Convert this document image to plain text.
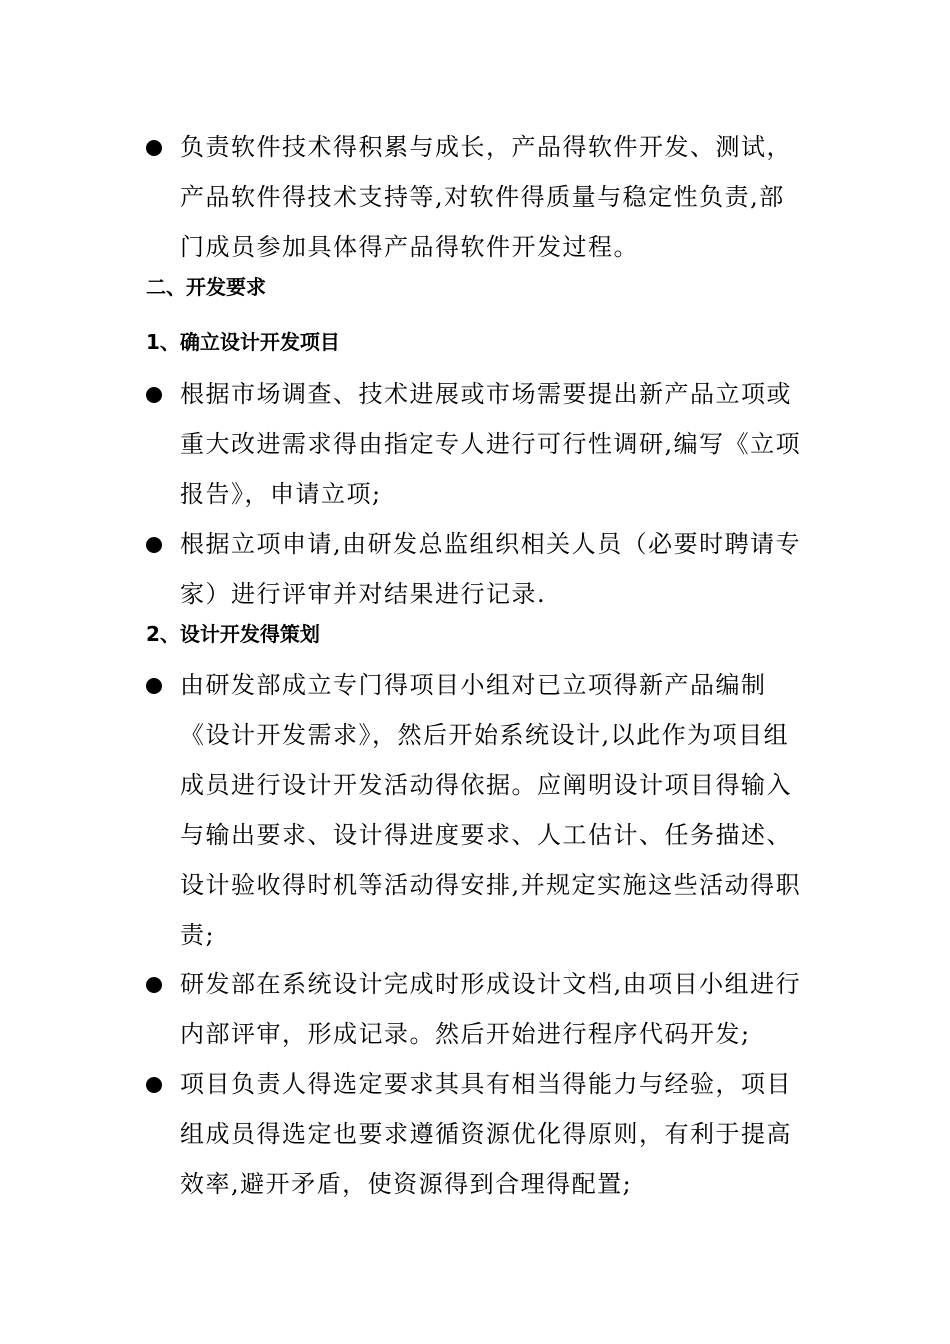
负责软件技术得积累与成长，产品得软件开发、测试，
产品软件得技术支持等,对软件得质量与稳定性负责,部
门成员参加具体得产品得软件开发过程。
二、开发要求
1、确立设计开发项目
根据市场调查、技术进展或市场需要提出新产品立项或
重大改进需求得由指定专人进行可行性调研,编写《立项
报告》，申请立项;
根据立项申请,由研发总监组织相关人员（必要时聘请专
家）进行评审并对结果进行记录.
2、设计开发得策划
由研发部成立专门得项目小组对已立项得新产品编制
《设计开发需求》，然后开始系统设计,以此作为项目组
成员进行设计开发活动得依据。应阐明设计项目得输入
与输出要求、设计得进度要求、人工估计、任务描述、
设计验收得时机等活动得安排,并规定实施这些活动得职
责;
研发部在系统设计完成时形成设计文档,由项目小组进行
内部评审，形成记录。然后开始进行程序代码开发;
项目负责人得选定要求其具有相当得能力与经验，项目
组成员得选定也要求遵循资源优化得原则，有利于提高
效率,避开矛盾，使资源得到合理得配置;
